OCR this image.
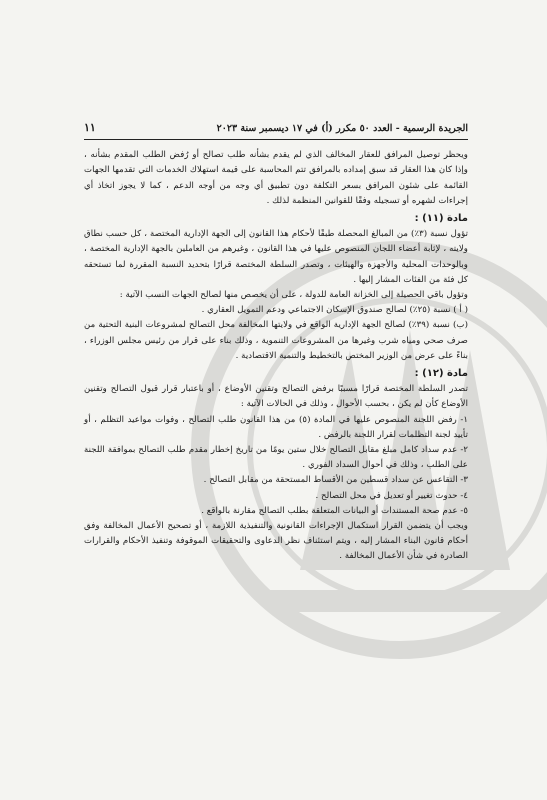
الجريدة الرسمية - العدد ٥٠ مكرر (أ) في ١٧ ديسمبر سنة ٢٠٢٣
١١

ويحظر توصيل المرافق للعقار المخالف الذي لم يقدم بشأنه طلب تصالح أو رُفض الطلب المقدم بشأنه ، وإذا كان هذا العقار قد سبق إمداده بالمرافق تتم المحاسبة على قيمة استهلاك الخدمات التي تقدمها الجهات القائمة على شئون المرافق بسعر التكلفة دون تطبيق أي وجه من أوجه الدعم ، كما لا يجوز اتخاذ أي إجراءات لشهره أو تسجيله وفقًا للقوانين المنظمة لذلك .

مادة (١١) :

تؤول نسبة (٣٪) من المبالغ المحصلة طبقًا لأحكام هذا القانون إلى الجهة الإدارية المختصة ، كل حسب نطاق ولايته ، لإثابة أعضاء اللجان المنصوص عليها في هذا القانون ، وغيرهم من العاملين بالجهة الإدارية المختصة ، وبالوحدات المحلية والأجهزة والهيئات ، وتصدر السلطة المختصة قرارًا بتحديد النسبة المقررة لما تستحقه كل فئة من الفئات المشار إليها .

وتؤول باقي الحصيلة إلى الخزانة العامة للدولة ، على أن يخصص منها لصالح الجهات النسب الآتية :

( أ ) نسبة (٢٥٪) لصالح صندوق الإسكان الاجتماعي ودعم التمويل العقاري .

(ب) نسبة (٣٩٪) لصالح الجهة الإدارية الواقع في ولايتها المخالفة محل التصالح لمشروعات البنية التحتية من صرف صحي ومياه شرب وغيرها من المشروعات التنموية ، وذلك بناء على قرار من رئيس مجلس الوزراء ، بناءً على عرض من الوزير المختص بالتخطيط والتنمية الاقتصادية .

مادة (١٢) :

تصدر السلطة المختصة قرارًا مسببًا برفض التصالح وتقنين الأوضاع ، أو باعتبار قرار قبول التصالح وتقنين الأوضاع كأن لم يكن ، بحسب الأحوال ، وذلك في الحالات الآتية :

١- رفض اللجنة المنصوص عليها في المادة (٥) من هذا القانون طلب التصالح ، وفوات مواعيد التظلم ، أو تأييد لجنة التظلمات لقرار اللجنة بالرفض .

٢- عدم سداد كامل مبلغ مقابل التصالح خلال ستين يومًا من تاريخ إخطار مقدم طلب التصالح بموافقة اللجنة على الطلب ، وذلك في أحوال السداد الفوري .

٣- التقاعس عن سداد قسطين من الأقساط المستحقة من مقابل التصالح .

٤- حدوث تغيير أو تعديل في محل التصالح .

٥- عدم صحة المستندات أو البيانات المتعلقة بطلب التصالح مقارنة بالواقع .

ويجب أن يتضمن القرار استكمال الإجراءات القانونية والتنفيذية اللازمة ، أو تصحيح الأعمال المخالفة وفق أحكام قانون البناء المشار إليه ، ويتم استئناف نظر الدعاوى والتحقيقات الموقوفة وتنفيذ الأحكام والقرارات الصادرة في شأن الأعمال المخالفة .
